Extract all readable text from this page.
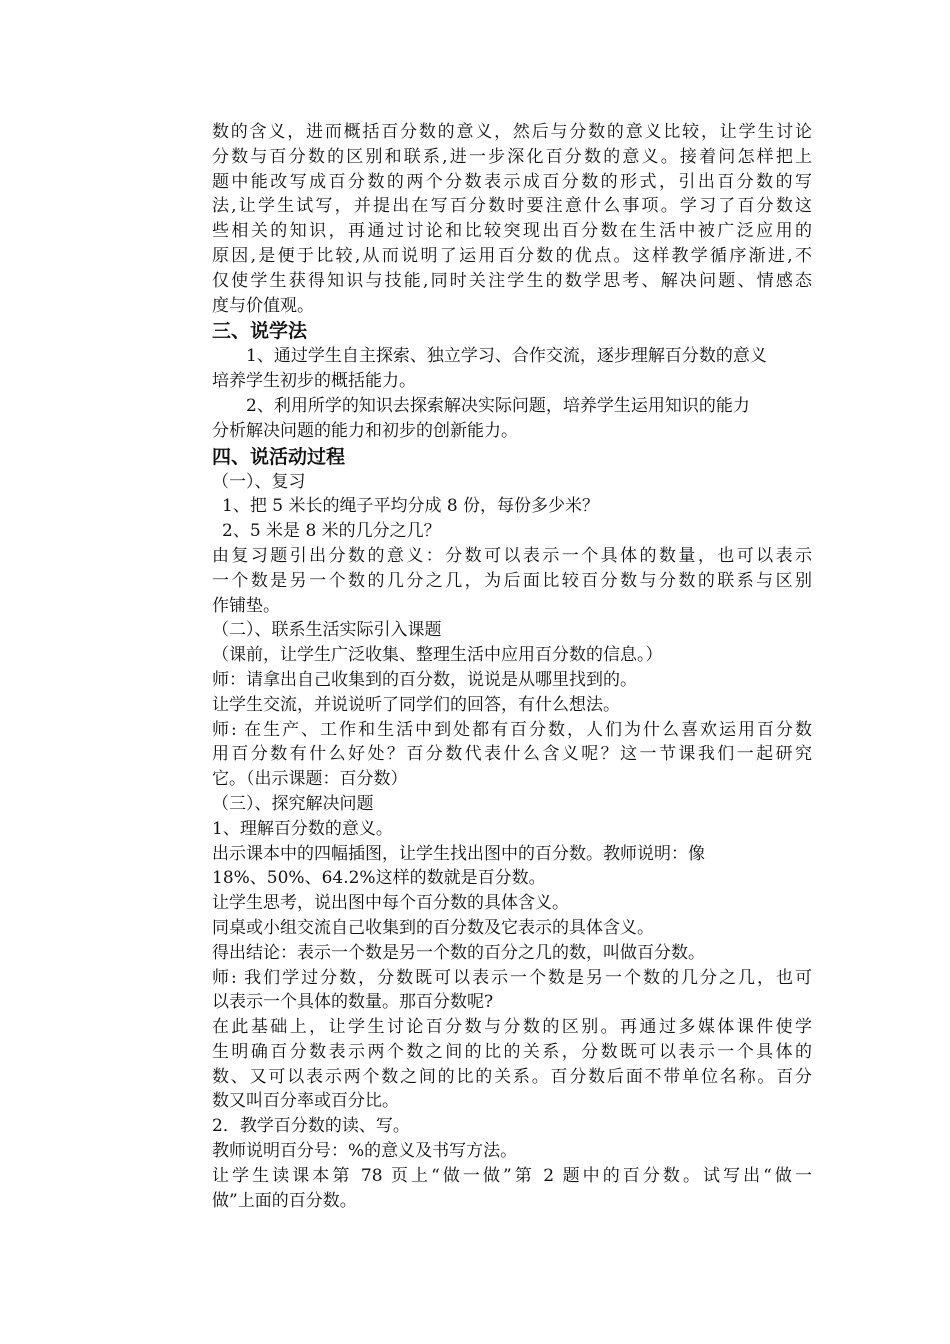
数的含义，进而概括百分数的意义，然后与分数的意义比较，让学生讨论
分数与百分数的区别和联系,进一步深化百分数的意义。接着问怎样把上
题中能改写成百分数的两个分数表示成百分数的形式，引出百分数的写
法,让学生试写，并提出在写百分数时要注意什么事项。学习了百分数这
些相关的知识，再通过讨论和比较突现出百分数在生活中被广泛应用的
原因,是便于比较,从而说明了运用百分数的优点。这样教学循序渐进,不
仅使学生获得知识与技能,同时关注学生的数学思考、解决问题、情感态
度与价值观。
三、说学法
1、通过学生自主探索、独立学习、合作交流，逐步理解百分数的意义
培养学生初步的概括能力。
2、利用所学的知识去探索解决实际问题，培养学生运用知识的能力
分析解决问题的能力和初步的创新能力。
四、说活动过程
（一）、复习
1、把 5 米长的绳子平均分成 8 份，每份多少米？
2、5 米是 8 米的几分之几？
由复习题引出分数的意义：分数可以表示一个具体的数量，也可以表示
一个数是另一个数的几分之几，为后面比较百分数与分数的联系与区别
作铺垫。
（二）、联系生活实际引入课题
（课前，让学生广泛收集、整理生活中应用百分数的信息。）
师：请拿出自己收集到的百分数，说说是从哪里找到的。
让学生交流，并说说听了同学们的回答，有什么想法。
师: 在生产、工作和生活中到处都有百分数，人们为什么喜欢运用百分数
用百分数有什么好处？百分数代表什么含义呢？这一节课我们一起研究
它。（出示课题：百分数）
（三）、探究解决问题
1、理解百分数的意义。
出示课本中的四幅插图，让学生找出图中的百分数。教师说明：像
18%、50%、64.2%这样的数就是百分数。
让学生思考，说出图中每个百分数的具体含义。
同桌或小组交流自己收集到的百分数及它表示的具体含义。
得出结论：表示一个数是另一个数的百分之几的数，叫做百分数。
师: 我们学过分数，分数既可以表示一个数是另一个数的几分之几，也可
以表示一个具体的数量。那百分数呢?
在此基础上，让学生讨论百分数与分数的区别。再通过多媒体课件使学
生明确百分数表示两个数之间的比的关系，分数既可以表示一个具体的
数、又可以表示两个数之间的比的关系。百分数后面不带单位名称。百分
数又叫百分率或百分比。
2．教学百分数的读、写。
教师说明百分号：%的意义及书写方法。
让学生读课本第 78 页上“做一做”第 2 题中的百分数。试写出“做一
做”上面的百分数。
